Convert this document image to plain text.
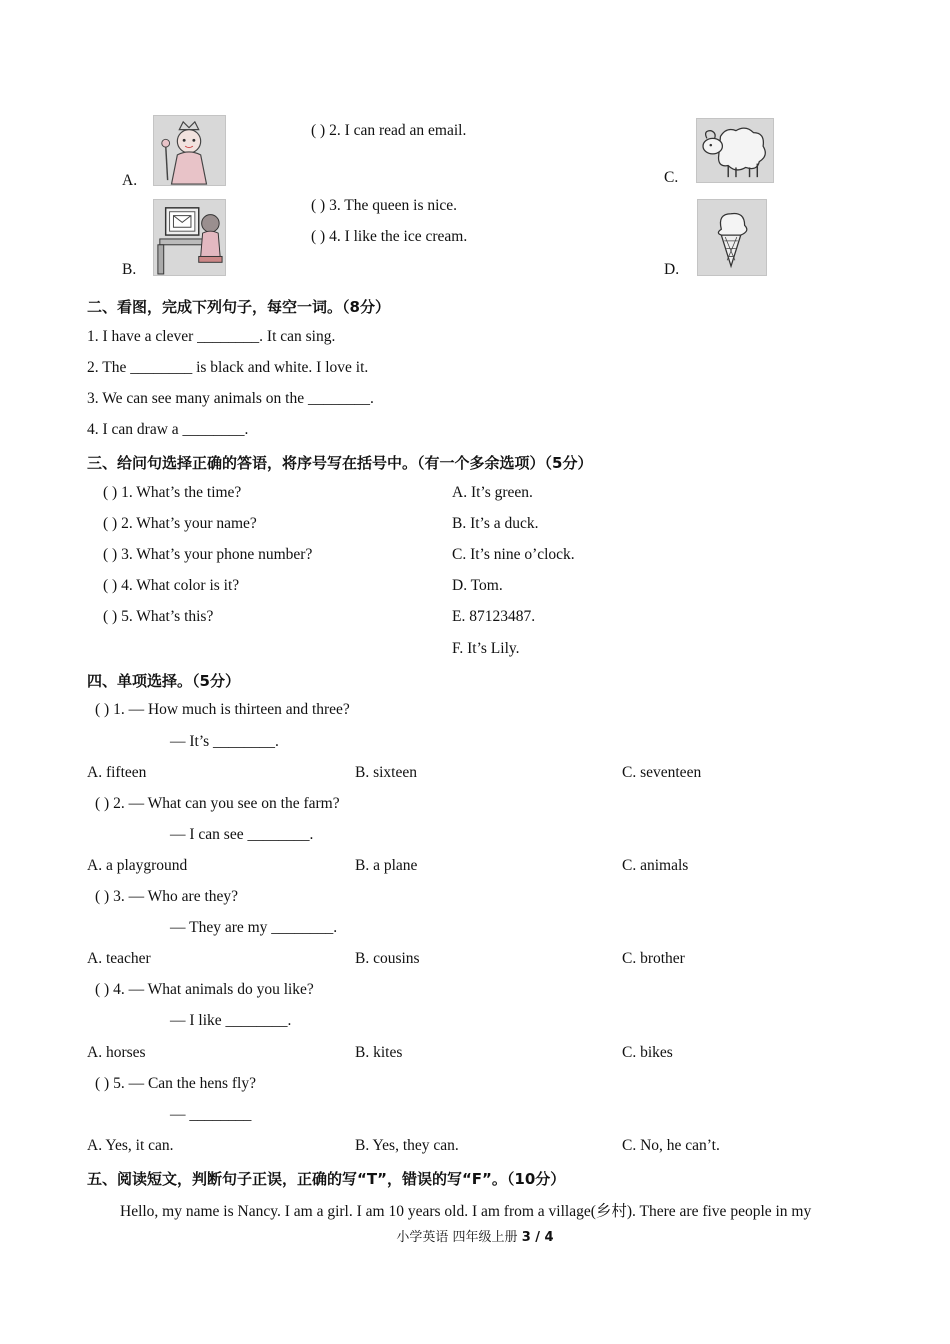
A.
B.
( ) 2. I can read an email.
( ) 3. The queen is nice.
( ) 4. I like the ice cream.
C.
D.
二、看图，完成下列句子，每空一词。（8分）
1. I have a clever ________. It can sing.
2. The ________ is black and white. I love it.
3. We can see many animals on the ________.
4. I can draw a ________.
三、给问句选择正确的答语，将序号写在括号中。（有一个多余选项）（5分）
( ) 1. What’s the time?
( ) 2. What’s your name?
( ) 3. What’s your phone number?
( ) 4. What color is it?
( ) 5. What’s this?
A. It’s green.
B. It’s a duck.
C. It’s nine o’clock.
D. Tom.
E. 87123487.
F. It’s Lily.
四、单项选择。（5分）
( ) 1. — How much is thirteen and three?
— It’s ________.
A. fifteen	B. sixteen	C. seventeen
( ) 2. — What can you see on the farm?
— I can see ________.
A. a playground	B. a plane	C. animals
( ) 3. — Who are they?
— They are my ________.
A. teacher	B. cousins	C. brother
( ) 4. — What animals do you like?
— I like ________.
A. horses	B. kites	C. bikes
( ) 5. — Can the hens fly?
— ________
A. Yes, it can.	B. Yes, they can.	C. No, he can’t.
五、阅读短文，判断句子正误，正确的写“T”，错误的写“F”。（10分）
Hello, my name is Nancy. I am a girl. I am 10 years old. I am from a village(乡村). There are five people in my
小学英语 四年级上册 3 / 4
